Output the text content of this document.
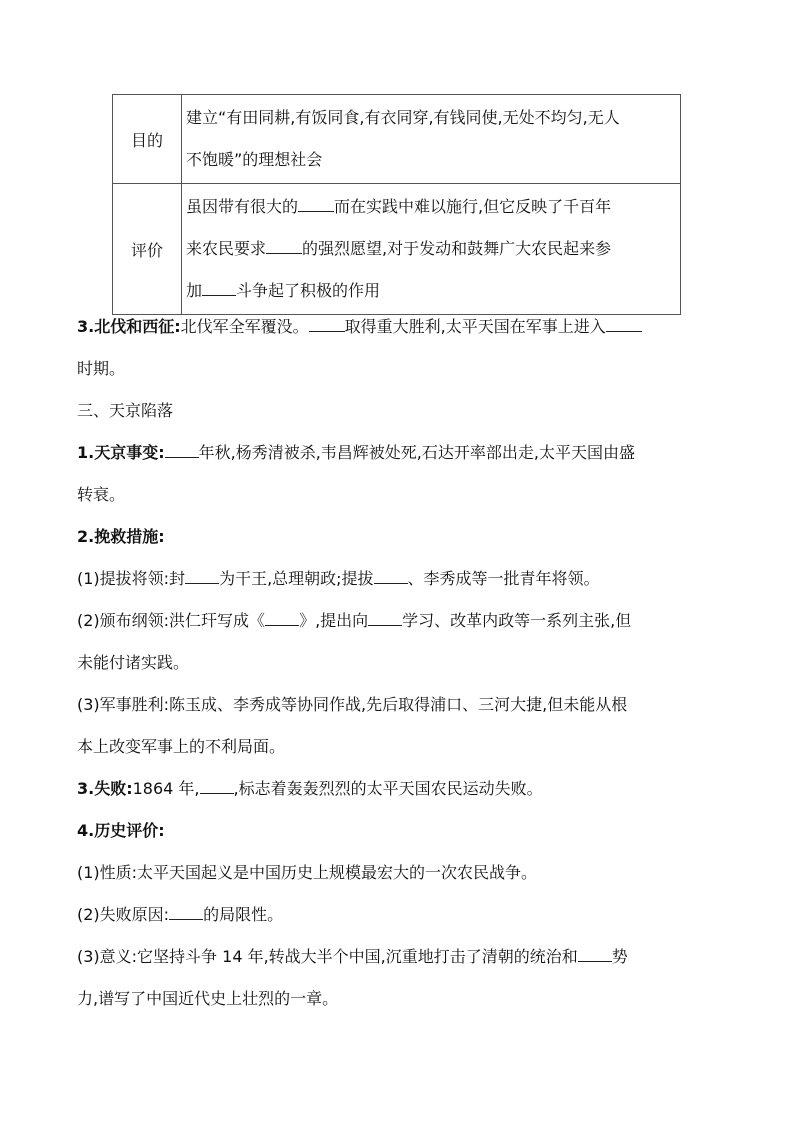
目的	建立“有田同耕,有饭同食,有衣同穿,有钱同使,无处不均匀,无人
不饱暖”的理想社会

评价	虽因带有很大的 而在实践中难以施行,但它反映了千百年
来农民要求 的强烈愿望,对于发动和鼓舞广大农民起来参
加 斗争起了积极的作用
3.北伐和西征:北伐军全军覆没。 取得重大胜利,太平天国在军事上进入
时期。
三、天京陷落
1.天京事变: 年秋,杨秀清被杀,韦昌辉被处死,石达开率部出走,太平天国由盛
转衰。
2.挽救措施:
(1)提拔将领:封 为干王,总理朝政;提拔 、李秀成等一批青年将领。
(2)颁布纲领:洪仁玕写成《 》,提出向 学习、改革内政等一系列主张,但
未能付诸实践。
(3)军事胜利:陈玉成、李秀成等协同作战,先后取得浦口、三河大捷,但未能从根
本上改变军事上的不利局面。
3.失败:1864 年, ,标志着轰轰烈烈的太平天国农民运动失败。
4.历史评价:
(1)性质:太平天国起义是中国历史上规模最宏大的一次农民战争。
(2)失败原因: 的局限性。
(3)意义:它坚持斗争 14 年,转战大半个中国,沉重地打击了清朝的统治和 势
力,谱写了中国近代史上壮烈的一章。
